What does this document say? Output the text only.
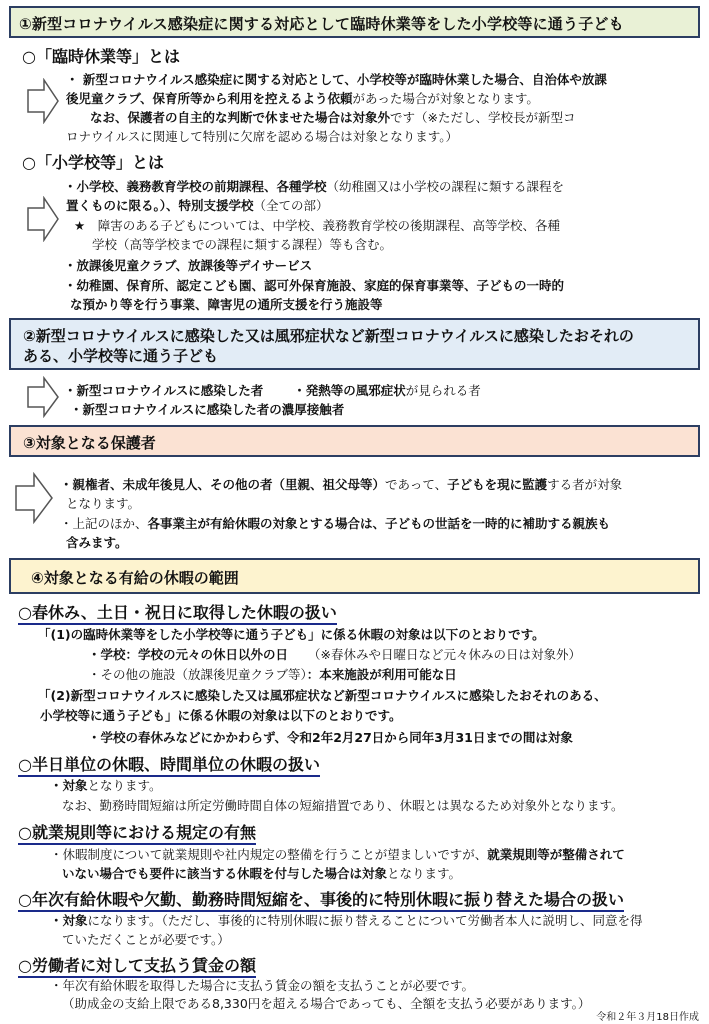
①新型コロナウイルス感染症に関する対応として臨時休業等をした小学校等に通う子ども
○「臨時休業等」とは
・ 新型コロナウイルス感染症に関する対応として、小学校等が臨時休業した場合、自治体や放課
後児童クラブ、保育所等から利用を控えるよう依頼があった場合が対象となります。
なお、保護者の自主的な判断で休ませた場合は対象外です（※ただし、学校長が新型コ
ロナウイルスに関連して特別に欠席を認める場合は対象となります。）
○「小学校等」とは
・小学校、義務教育学校の前期課程、各種学校（幼稚園又は小学校の課程に類する課程を
置くものに限る。）、特別支援学校（全ての部）
★　障害のある子どもについては、中学校、義務教育学校の後期課程、高等学校、各種
学校（高等学校までの課程に類する課程）等も含む。
・放課後児童クラブ、放課後等デイサービス
・幼稚園、保育所、認定こども園、認可外保育施設、家庭的保育事業等、子どもの一時的
な預かり等を行う事業、障害児の通所支援を行う施設等
②新型コロナウイルスに感染した又は風邪症状など新型コロナウイルスに感染したおそれの
ある、小学校等に通う子ども
・新型コロナウイルスに感染した者 ・発熱等の風邪症状が見られる者
・新型コロナウイルスに感染した者の濃厚接触者
③対象となる保護者
・親権者、未成年後見人、その他の者（里親、祖父母等）であって、子どもを現に監護する者が対象
となります。
・上記のほか、各事業主が有給休暇の対象とする場合は、子どもの世話を一時的に補助する親族も
含みます。
④対象となる有給の休暇の範囲
○春休み、土日・祝日に取得した休暇の扱い
「(1)の臨時休業等をした小学校等に通う子ども」に係る休暇の対象は以下のとおりです。
・学校：学校の元々の休日以外の日 （※春休みや日曜日など元々休みの日は対象外）
・その他の施設（放課後児童クラブ等）：本来施設が利用可能な日
「(2)新型コロナウイルスに感染した又は風邪症状など新型コロナウイルスに感染したおそれのある、
小学校等に通う子ども」に係る休暇の対象は以下のとおりです。
・学校の春休みなどにかかわらず、令和2年2月27日から同年3月31日までの間は対象
○半日単位の休暇、時間単位の休暇の扱い
・対象となります。
なお、勤務時間短縮は所定労働時間自体の短縮措置であり、休暇とは異なるため対象外となります。
○就業規則等における規定の有無
・休暇制度について就業規則や社内規定の整備を行うことが望ましいですが、就業規則等が整備されて
いない場合でも要件に該当する休暇を付与した場合は対象となります。
○年次有給休暇や欠勤、勤務時間短縮を、事後的に特別休暇に振り替えた場合の扱い
・対象になります。（ただし、事後的に特別休暇に振り替えることについて労働者本人に説明し、同意を得
ていただくことが必要です。）
○労働者に対して支払う賃金の額
・年次有給休暇を取得した場合に支払う賃金の額を支払うことが必要です。
（助成金の支給上限である8,330円を超える場合であっても、全額を支払う必要があります。）
令和２年３月18日作成
